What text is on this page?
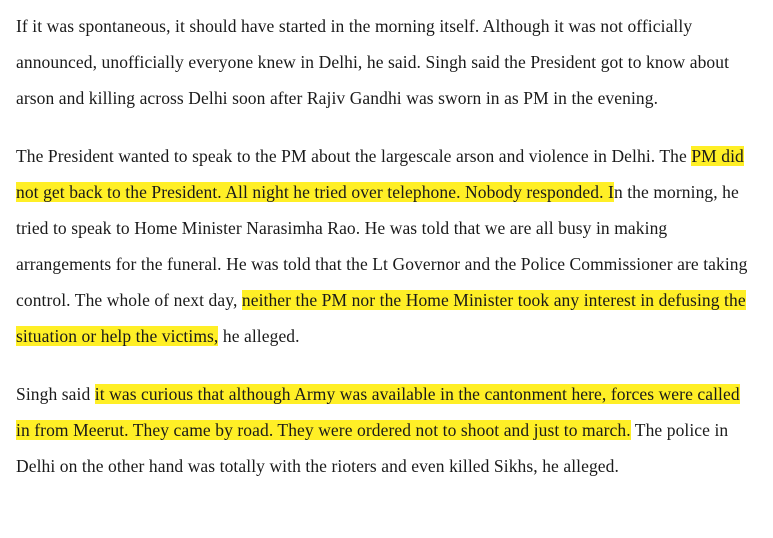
If it was spontaneous, it should have started in the morning itself. Although it was not officially announced, unofficially everyone knew in Delhi, he said. Singh said the President got to know about arson and killing across Delhi soon after Rajiv Gandhi was sworn in as PM in the evening.

The President wanted to speak to the PM about the largescale arson and violence in Delhi. The PM did not get back to the President. All night he tried over telephone. Nobody responded. In the morning, he tried to speak to Home Minister Narasimha Rao. He was told that we are all busy in making arrangements for the funeral. He was told that the Lt Governor and the Police Commissioner are taking control. The whole of next day, neither the PM nor the Home Minister took any interest in defusing the situation or help the victims, he alleged.

Singh said it was curious that although Army was available in the cantonment here, forces were called in from Meerut. They came by road. They were ordered not to shoot and just to march. The police in Delhi on the other hand was totally with the rioters and even killed Sikhs, he alleged.
